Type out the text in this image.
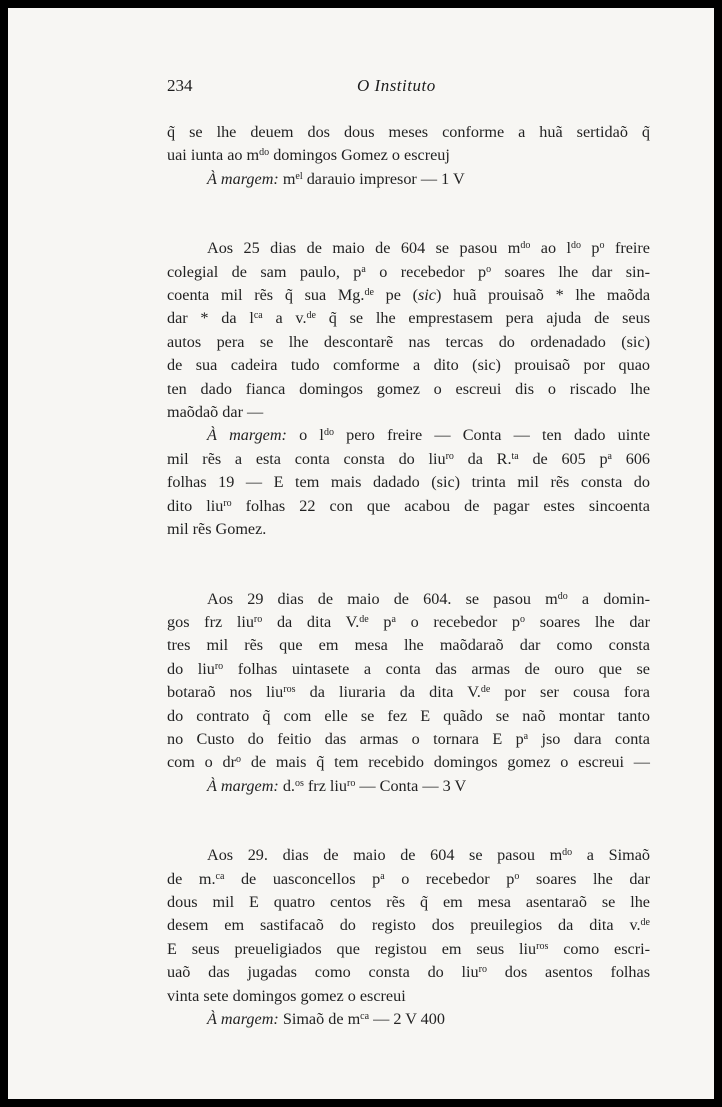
234	O Instituto
q̃ se lhe deuem dos dous meses conforme a huã sertidaõ q̃
uai iunta ao $m^{do}$ domingos Gomez o escreuj
À margem: $m^{el}$ darauio impresor — 1 V
Aos 25 dias de maio de 604 se pasou $m^{do}$ ao $l^{do}$ $p^o$ freire
colegial de sam paulo, $p^a$ o recebedor $p^o$ soares lhe dar sin-
coenta mil rẽs q̃ sua Mg.$^{de}$ pe (sic) huã prouisaõ * lhe maõda
dar * da $l^{ca}$ a v.$^{de}$ q̃ se lhe emprestasem pera ajuda de seus
autos pera se lhe descontarẽ nas tercas do ordenadado (sic)
de sua cadeira tudo comforme a dito (sic) prouisaõ por quao
ten dado fianca domingos gomez o escreui dis o riscado lhe
maõdaõ dar —
À margem: o $l^{do}$ pero freire — Conta — ten dado uinte
mil rẽs a esta conta consta do liu$^{ro}$ da R.$^{ta}$ de 605 $p^a$ 606
folhas 19 — E tem mais dadado (sic) trinta mil rẽs consta do
dito liu$^{ro}$ folhas 22 con que acabou de pagar estes sincoenta
mil rẽs Gomez.
Aos 29 dias de maio de 604. se pasou $m^{do}$ a domin-
gos frz liu$^{ro}$ da dita V.$^{de}$ $p^a$ o recebedor $p^o$ soares lhe dar
tres mil rẽs que em mesa lhe maõdaraõ dar como consta
do liu$^{ro}$ folhas uintasete a conta das armas de ouro que se
botaraõ nos liu$^{ros}$ da liuraria da dita V.$^{de}$ por ser cousa fora
do contrato q̃ com elle se fez E quãdo se naõ montar tanto
no Custo do feitio das armas o tornara E $p^a$ jso dara conta
com o $dr^o$ de mais q̃ tem recebido domingos gomez o escreui —
À margem: d.$^{os}$ frz liu$^{ro}$ — Conta — 3 V
Aos 29. dias de maio de 604 se pasou $m^{do}$ a Simaõ
de m.$^{ca}$ de uasconcellos $p^a$ o recebedor $p^o$ soares lhe dar
dous mil E quatro centos rẽs q̃ em mesa asentaraõ se lhe
desem em sastifacaõ do registo dos preuilegios da dita v.$^{de}$
E seus preueligiados que registou em seus liu$^{ros}$ como escri-
uaõ das jugadas como consta do liu$^{ro}$ dos asentos folhas
vinta sete domingos gomez o escreui
À margem: Simaõ de $m^{ca}$ — 2 V 400
